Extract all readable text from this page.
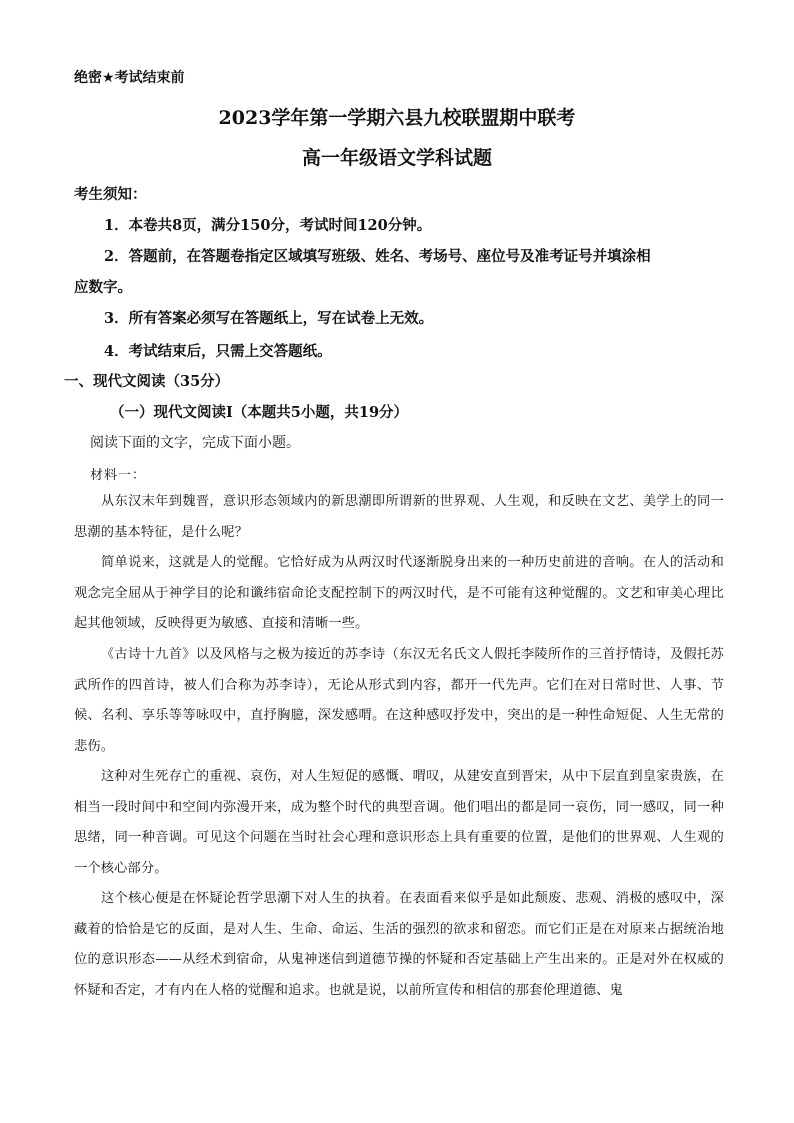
绝密★考试结束前
2023学年第一学期六县九校联盟期中联考
高一年级语文学科试题
考生须知：
1．本卷共8页，满分150分，考试时间120分钟。
2．答题前，在答题卷指定区域填写班级、姓名、考场号、座位号及准考证号并填涂相
应数字。
3．所有答案必须写在答题纸上，写在试卷上无效。
4．考试结束后，只需上交答题纸。
一、现代文阅读（35分）
（一）现代文阅读Ⅰ（本题共5小题，共19分）
阅读下面的文字，完成下面小题。
材料一：

从东汉末年到魏晋，意识形态领域内的新思潮即所谓新的世界观、人生观，和反映在文艺、美学上的同一思潮的基本特征，是什么呢？

简单说来，这就是人的觉醒。它恰好成为从两汉时代逐渐脱身出来的一种历史前进的音响。在人的活动和观念完全屈从于神学目的论和谶纬宿命论支配控制下的两汉时代，是不可能有这种觉醒的。文艺和审美心理比起其他领域，反映得更为敏感、直接和清晰一些。

《古诗十九首》以及风格与之极为接近的苏李诗（东汉无名氏文人假托李陵所作的三首抒情诗，及假托苏武所作的四首诗，被人们合称为苏李诗），无论从形式到内容，都开一代先声。它们在对日常时世、人事、节候、名利、享乐等等咏叹中，直抒胸臆，深发感喟。在这种感叹抒发中，突出的是一种性命短促、人生无常的悲伤。

这种对生死存亡的重视、哀伤，对人生短促的感慨、喟叹，从建安直到晋宋，从中下层直到皇家贵族，在相当一段时间中和空间内弥漫开来，成为整个时代的典型音调。他们唱出的都是同一哀伤，同一感叹，同一种思绪，同一种音调。可见这个问题在当时社会心理和意识形态上具有重要的位置，是他们的世界观、人生观的一个核心部分。

这个核心便是在怀疑论哲学思潮下对人生的执着。在表面看来似乎是如此颓废、悲观、消极的感叹中，深藏着的恰恰是它的反面，是对人生、生命、命运、生活的强烈的欲求和留恋。而它们正是在对原来占据统治地位的意识形态——从经术到宿命，从鬼神迷信到道德节操的怀疑和否定基础上产生出来的。正是对外在权威的怀疑和否定，才有内在人格的觉醒和追求。也就是说，以前所宣传和相信的那套伦理道德、鬼
